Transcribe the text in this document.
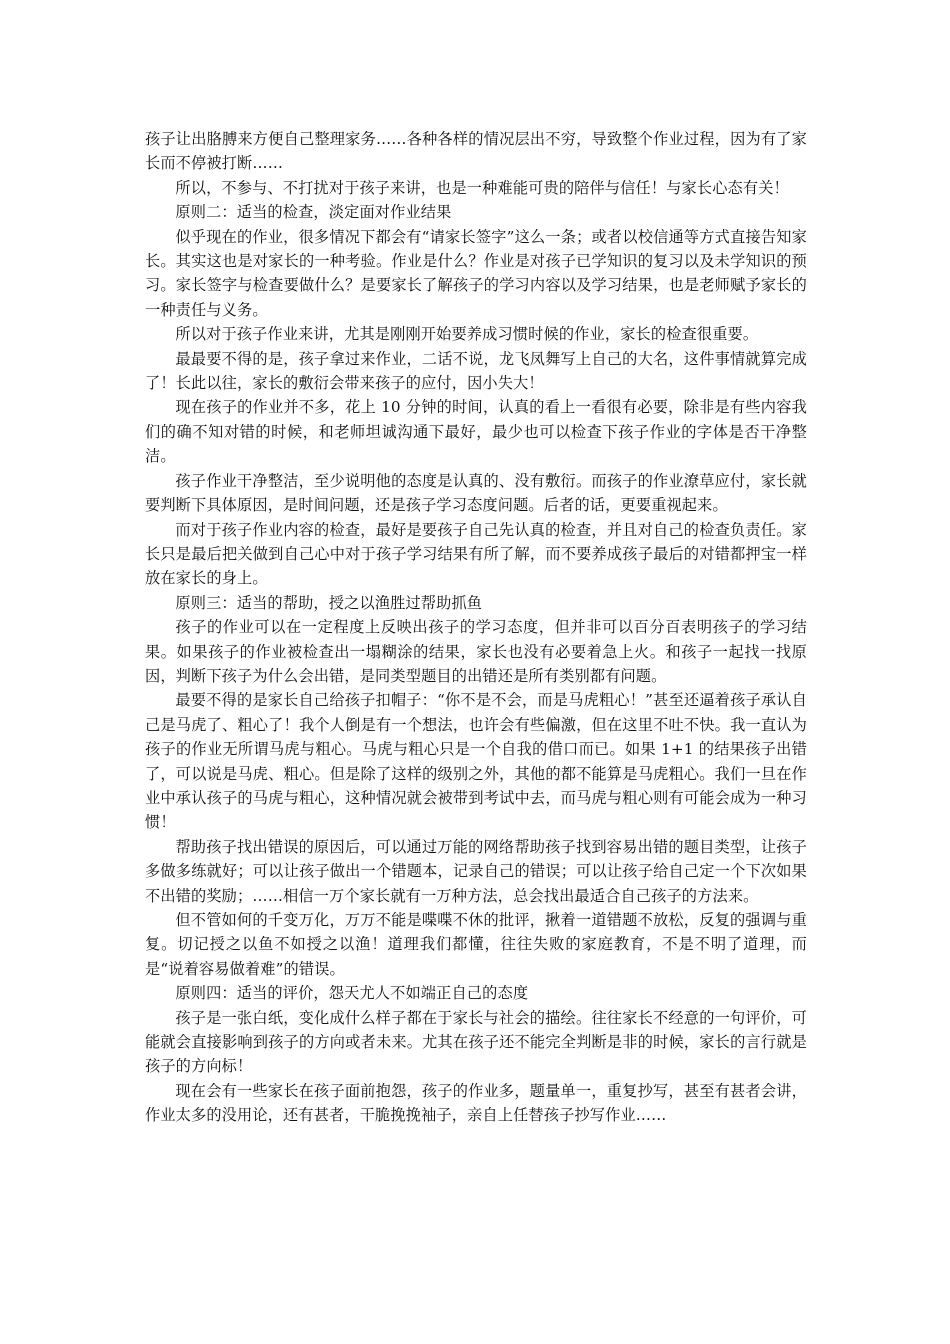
孩子让出胳膊来方便自己整理家务……各种各样的情况层出不穷，导致整个作业过程，因为有了家长而不停被打断……

所以，不参与、不打扰对于孩子来讲，也是一种难能可贵的陪伴与信任！与家长心态有关！

原则二：适当的检查，淡定面对作业结果

似乎现在的作业，很多情况下都会有“请家长签字”这么一条；或者以校信通等方式直接告知家长。其实这也是对家长的一种考验。作业是什么？作业是对孩子已学知识的复习以及未学知识的预习。家长签字与检查要做什么？是要家长了解孩子的学习内容以及学习结果，也是老师赋予家长的一种责任与义务。

所以对于孩子作业来讲，尤其是刚刚开始要养成习惯时候的作业，家长的检查很重要。

最最要不得的是，孩子拿过来作业，二话不说，龙飞凤舞写上自己的大名，这件事情就算完成了！长此以往，家长的敷衍会带来孩子的应付，因小失大！

现在孩子的作业并不多，花上 10 分钟的时间，认真的看上一看很有必要，除非是有些内容我们的确不知对错的时候，和老师坦诚沟通下最好，最少也可以检查下孩子作业的字体是否干净整洁。

孩子作业干净整洁，至少说明他的态度是认真的、没有敷衍。而孩子的作业潦草应付，家长就要判断下具体原因，是时间问题，还是孩子学习态度问题。后者的话，更要重视起来。

而对于孩子作业内容的检查，最好是要孩子自己先认真的检查，并且对自己的检查负责任。家长只是最后把关做到自己心中对于孩子学习结果有所了解，而不要养成孩子最后的对错都押宝一样放在家长的身上。

原则三：适当的帮助，授之以渔胜过帮助抓鱼

孩子的作业可以在一定程度上反映出孩子的学习态度，但并非可以百分百表明孩子的学习结果。如果孩子的作业被检查出一塌糊涂的结果，家长也没有必要着急上火。和孩子一起找一找原因，判断下孩子为什么会出错，是同类型题目的出错还是所有类别都有问题。

最要不得的是家长自己给孩子扣帽子：“你不是不会，而是马虎粗心！”甚至还逼着孩子承认自己是马虎了、粗心了！我个人倒是有一个想法，也许会有些偏激，但在这里不吐不快。我一直认为孩子的作业无所谓马虎与粗心。马虎与粗心只是一个自我的借口而已。如果 1+1 的结果孩子出错了，可以说是马虎、粗心。但是除了这样的级别之外，其他的都不能算是马虎粗心。我们一旦在作业中承认孩子的马虎与粗心，这种情况就会被带到考试中去，而马虎与粗心则有可能会成为一种习惯！

帮助孩子找出错误的原因后，可以通过万能的网络帮助孩子找到容易出错的题目类型，让孩子多做多练就好；可以让孩子做出一个错题本，记录自己的错误；可以让孩子给自己定一个下次如果不出错的奖励；……相信一万个家长就有一万种方法，总会找出最适合自己孩子的方法来。

但不管如何的千变万化，万万不能是喋喋不休的批评，揪着一道错题不放松，反复的强调与重复。切记授之以鱼不如授之以渔！道理我们都懂，往往失败的家庭教育，不是不明了道理，而是“说着容易做着难”的错误。

原则四：适当的评价，怨天尤人不如端正自己的态度

孩子是一张白纸，变化成什么样子都在于家长与社会的描绘。往往家长不经意的一句评价，可能就会直接影响到孩子的方向或者未来。尤其在孩子还不能完全判断是非的时候，家长的言行就是孩子的方向标！

现在会有一些家长在孩子面前抱怨，孩子的作业多，题量单一，重复抄写，甚至有甚者会讲，作业太多的没用论，还有甚者，干脆挽挽袖子，亲自上任替孩子抄写作业……
